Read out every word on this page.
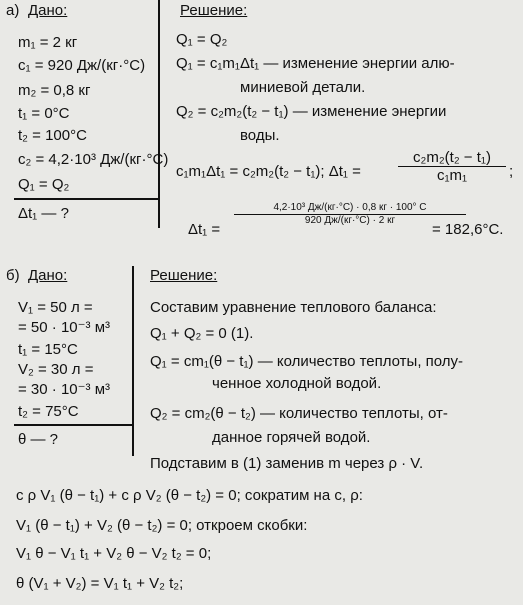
а) Дано:	Решение:
m₁ = 2 кг
c₁ = 920 Дж/(кг·°C)
m₂ = 0,8 кг
t₁ = 0°C
t₂ = 100°C
c₂ = 4,2·10³ Дж/(кг·°C)
Q₁ = Q₂
Δt₁ — ?
Q₁ = Q₂
Q₁ = c₁m₁Δt₁ — изменение энергии алю-
миниевой детали.
Q₂ = c₂m₂(t₂ − t₁) — изменение энергии
воды.
c₁m₁Δt₁ = c₂m₂(t₂ − t₁); Δt₁ =
c₂m₂(t₂ − t₁)
c₁m₁	;
Δt₁ =
4,2·10³ Дж/(кг·°C) · 0,8 кг · 100° C
920 Дж/(кг·°C) · 2 кг
= 182,6°C.
б) Дано:	Решение:
V₁ = 50 л =
= 50 · 10⁻³ м³
t₁ = 15°C
V₂ = 30 л =
= 30 · 10⁻³ м³
t₂ = 75°C
θ — ?
Составим уравнение теплового баланса:
Q₁ + Q₂ = 0 (1).
Q₁ = cm₁(θ − t₁) — количество теплоты, полу-
ченное холодной водой.
Q₂ = cm₂(θ − t₂) — количество теплоты, от-
данное горячей водой.
Подставим в (1) заменив m через ρ · V.
c ρ V₁ (θ − t₁) + c ρ V₂ (θ − t₂) = 0; сократим на c, ρ:
V₁ (θ − t₁) + V₂ (θ − t₂) = 0; откроем скобки:
V₁ θ − V₁ t₁ + V₂ θ − V₂ t₂ = 0;
θ (V₁ + V₂) = V₁ t₁ + V₂ t₂;
